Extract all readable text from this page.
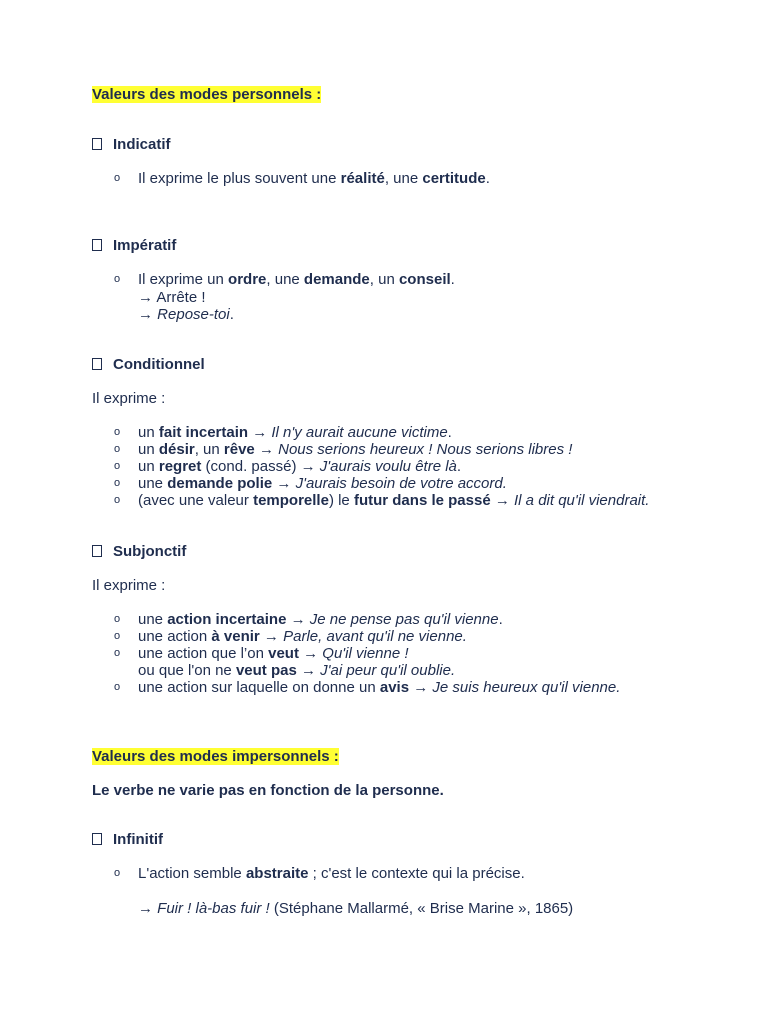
Valeurs des modes personnels :
Indicatif
o Il exprime le plus souvent une réalité, une certitude.
Impératif
o Il exprime un ordre, une demande, un conseil.
→ Arrête !
→ Repose-toi.
Conditionnel
Il exprime :
o un fait incertain → Il n'y aurait aucune victime.
o un désir, un rêve → Nous serions heureux ! Nous serions libres !
o un regret (cond. passé) → J'aurais voulu être là.
o une demande polie → J'aurais besoin de votre accord.
o (avec une valeur temporelle) le futur dans le passé → Il a dit qu'il viendrait.
Subjonctif
Il exprime :
o une action incertaine → Je ne pense pas qu'il vienne.
o une action à venir → Parle, avant qu'il ne vienne.
o une action que l’on veut → Qu'il vienne !
ou que l'on ne veut pas → J'ai peur qu'il oublie.
o une action sur laquelle on donne un avis → Je suis heureux qu'il vienne.
Valeurs des modes impersonnels :
Le verbe ne varie pas en fonction de la personne.
Infinitif
o L'action semble abstraite ; c'est le contexte qui la précise.
→ Fuir ! là-bas fuir ! (Stéphane Mallarmé, « Brise Marine », 1865)
